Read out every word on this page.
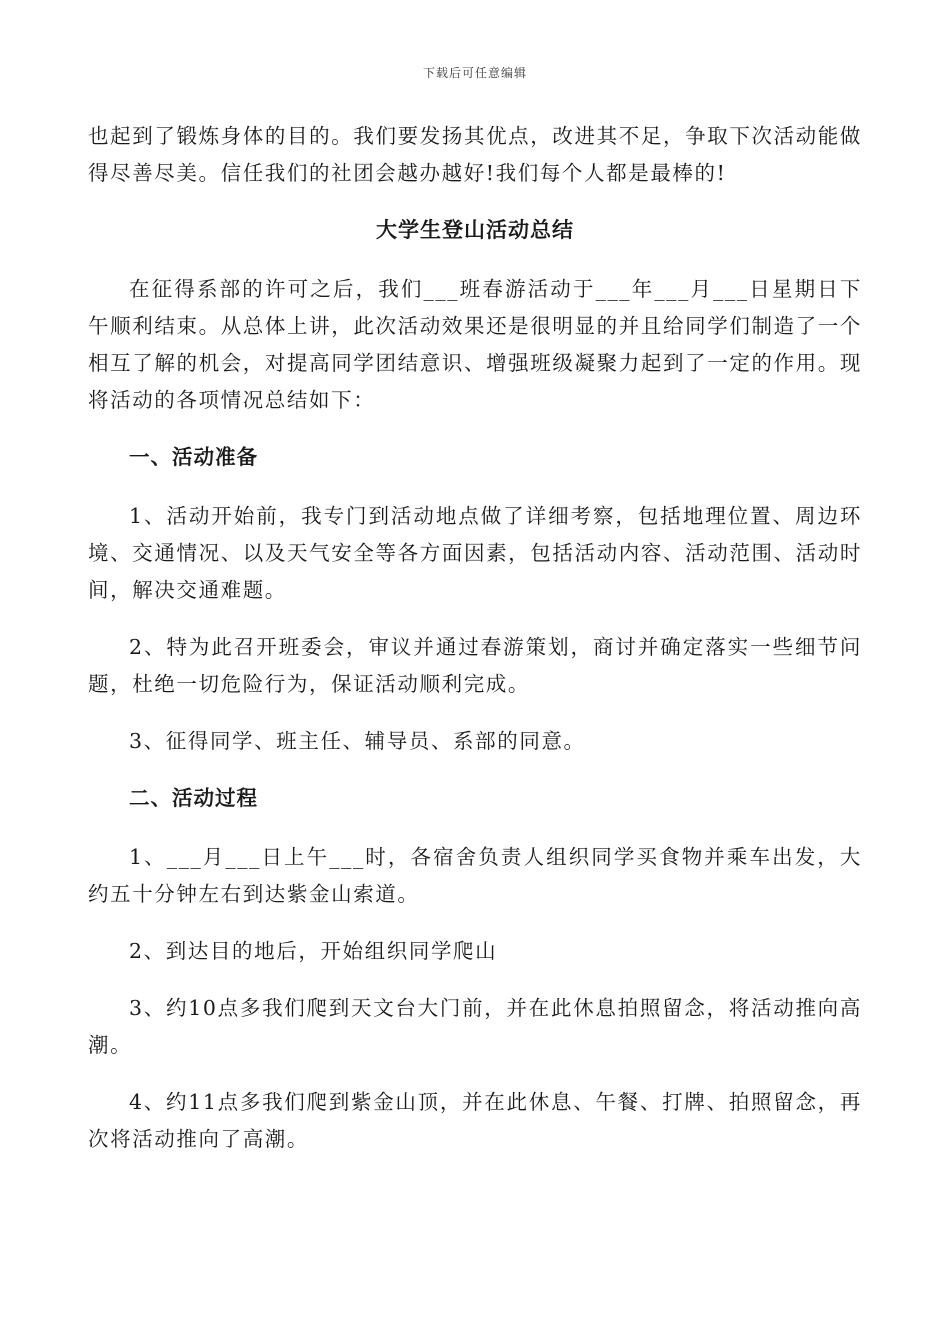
下载后可任意编辑

也起到了锻炼身体的目的。我们要发扬其优点，改进其不足，争取下次活动能做得尽善尽美。信任我们的社团会越办越好!我们每个人都是最棒的!

大学生登山活动总结

在征得系部的许可之后，我们___班春游活动于___年___月___日星期日下午顺利结束。从总体上讲，此次活动效果还是很明显的并且给同学们制造了一个相互了解的机会，对提高同学团结意识、增强班级凝聚力起到了一定的作用。现将活动的各项情况总结如下：

一、活动准备

1、活动开始前，我专门到活动地点做了详细考察，包括地理位置、周边环境、交通情况、以及天气安全等各方面因素，包括活动内容、活动范围、活动时间，解决交通难题。

2、特为此召开班委会，审议并通过春游策划，商讨并确定落实一些细节问题，杜绝一切危险行为，保证活动顺利完成。

3、征得同学、班主任、辅导员、系部的同意。

二、活动过程

1、___月___日上午___时，各宿舍负责人组织同学买食物并乘车出发，大约五十分钟左右到达紫金山索道。

2、到达目的地后，开始组织同学爬山

3、约10点多我们爬到天文台大门前，并在此休息拍照留念，将活动推向高潮。

4、约11点多我们爬到紫金山顶，并在此休息、午餐、打牌、拍照留念，再次将活动推向了高潮。
